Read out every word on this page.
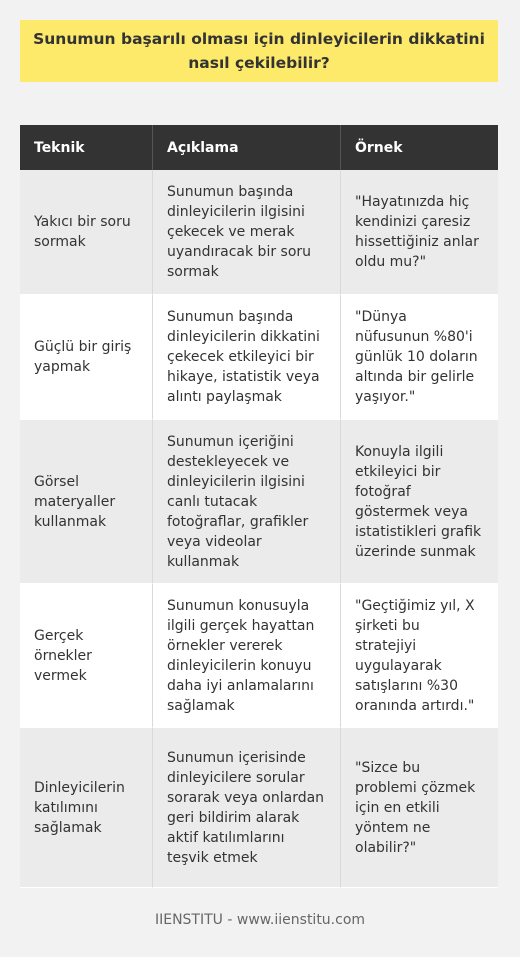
Sunumun başarılı olması için dinleyicilerin dikkatini nasıl çekilebilir?
Teknik	Açıklama	Örnek
Yakıcı bir soru sormak	Sunumun başında dinleyicilerin ilgisini çekecek ve merak uyandıracak bir soru sormak	"Hayatınızda hiç kendinizi çaresiz hissettiğiniz anlar oldu mu?"
Güçlü bir giriş yapmak	Sunumun başında dinleyicilerin dikkatini çekecek etkileyici bir hikaye, istatistik veya alıntı paylaşmak	"Dünya nüfusunun %80'i günlük 10 doların altında bir gelirle yaşıyor."
Görsel materyaller kullanmak	Sunumun içeriğini destekleyecek ve dinleyicilerin ilgisini canlı tutacak fotoğraflar, grafikler veya videolar kullanmak	Konuyla ilgili etkileyici bir fotoğraf göstermek veya istatistikleri grafik üzerinde sunmak
Gerçek örnekler vermek	Sunumun konusuyla ilgili gerçek hayattan örnekler vererek dinleyicilerin konuyu daha iyi anlamalarını sağlamak	"Geçtiğimiz yıl, X şirketi bu stratejiyi uygulayarak satışlarını %30 oranında artırdı."
Dinleyicilerin katılımını sağlamak	Sunumun içerisinde dinleyicilere sorular sorarak veya onlardan geri bildirim alarak aktif katılımlarını teşvik etmek	"Sizce bu problemi çözmek için en etkili yöntem ne olabilir?"
IIENSTITU - www.iienstitu.com
